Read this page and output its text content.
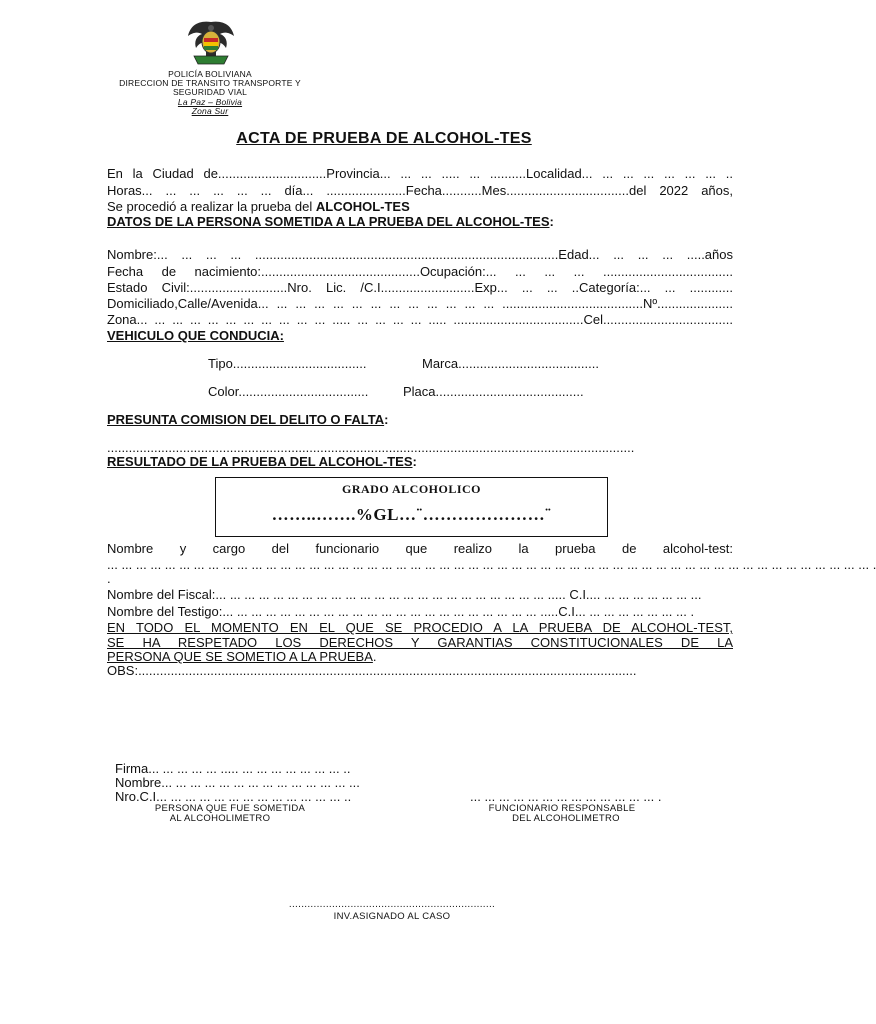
POLICÍA BOLIVIANA
DIRECCION DE TRANSITO TRANSPORTE Y
SEGURIDAD VIAL
La Paz – Bolivia
Zona Sur
ACTA DE PRUEBA DE ALCOHOL-TES
En la Ciudad de..............................Provincia... ... ... ..... ... ..........Localidad... ... ... ... ... ... ... ..
Horas... ... ... ... ... ... día... ......................Fecha...........Mes..................................del 2022 años,
Se procedió a realizar la prueba del ALCOHOL-TES
DATOS DE LA PERSONA SOMETIDA A LA PRUEBA DEL ALCOHOL-TES:
Nombre:... ... ... ... ....................................................................................Edad... ... ... ... .....años
Fecha de nacimiento:............................................Ocupación:... ... ... ... ....................................
Estado Civil:...........................Nro. Lic. /C.I..........................Exp... ... ... ..Categoría:... ... ............
Domiciliado,Calle/Avenida... ... ... ... ... ... ... ... ... ... ... ... ... .......................................Nº.....................
Zona... ... ... ... ... ... ... ... ... ... ... ..... ... ... ... ... ..... ....................................Cel....................................
VEHICULO QUE CONDUCIA:
Tipo.....................................	Marca.......................................
Color....................................	Placa.........................................
PRESUNTA COMISION DEL DELITO O FALTA:
..................................................................................................................................................
RESULTADO DE LA PRUEBA DEL ALCOHOL-TES:
GRADO ALCOHOLICO
……..…….%GL…¨…………………¨
Nombre y cargo del funcionario que realizo la prueba de alcohol-test:
... ... ... ... ... ... ... ... ... ... ... ... ... ... ... ... ... ... ... ... ... ... ... ... ... ... ... ... ... ... ... ... ... ... ... ... ... ... ... ... ... ... ... ... ... ... ... ... ... ... ... ... ... .
.
Nombre del Fiscal:... ... ... ... ... ... ... ... ... ... ... ... ... ... ... ... ... ... ... ... ... ... ... ..... C.I.... ... ... ... ... ... ... ...
Nombre del Testigo:... ... ... ... ... ... ... ... ... ... ... ... ... ... ... ... ... ... ... ... ... ... .....C.I... ... ... ... ... ... ... ... .
EN TODO EL MOMENTO EN EL QUE SE PROCEDIO A LA PRUEBA DE ALCOHOL-TEST,
SE HA RESPETADO LOS DERECHOS Y GARANTIAS CONSTITUCIONALES DE LA
PERSONA QUE SE SOMETIO A LA PRUEBA.
OBS:..........................................................................................................................................
Firma... ... ... ... ... ..... ... ... ... ... ... ... ... ..
Nombre... ... ... ... ... ... ... ... ... ... ... ... ... ...
Nro.C.I... ... ... ... ... ... ... ... ... ... ... ... ... ..
PERSONA QUE FUE SOMETIDA
AL ALCOHOLIMETRO
... ... ... ... ... ... ... ... ... ... ... ... ... .
FUNCIONARIO RESPONSABLE
DEL ALCOHOLIMETRO
...................................................................
INV.ASIGNADO AL CASO
